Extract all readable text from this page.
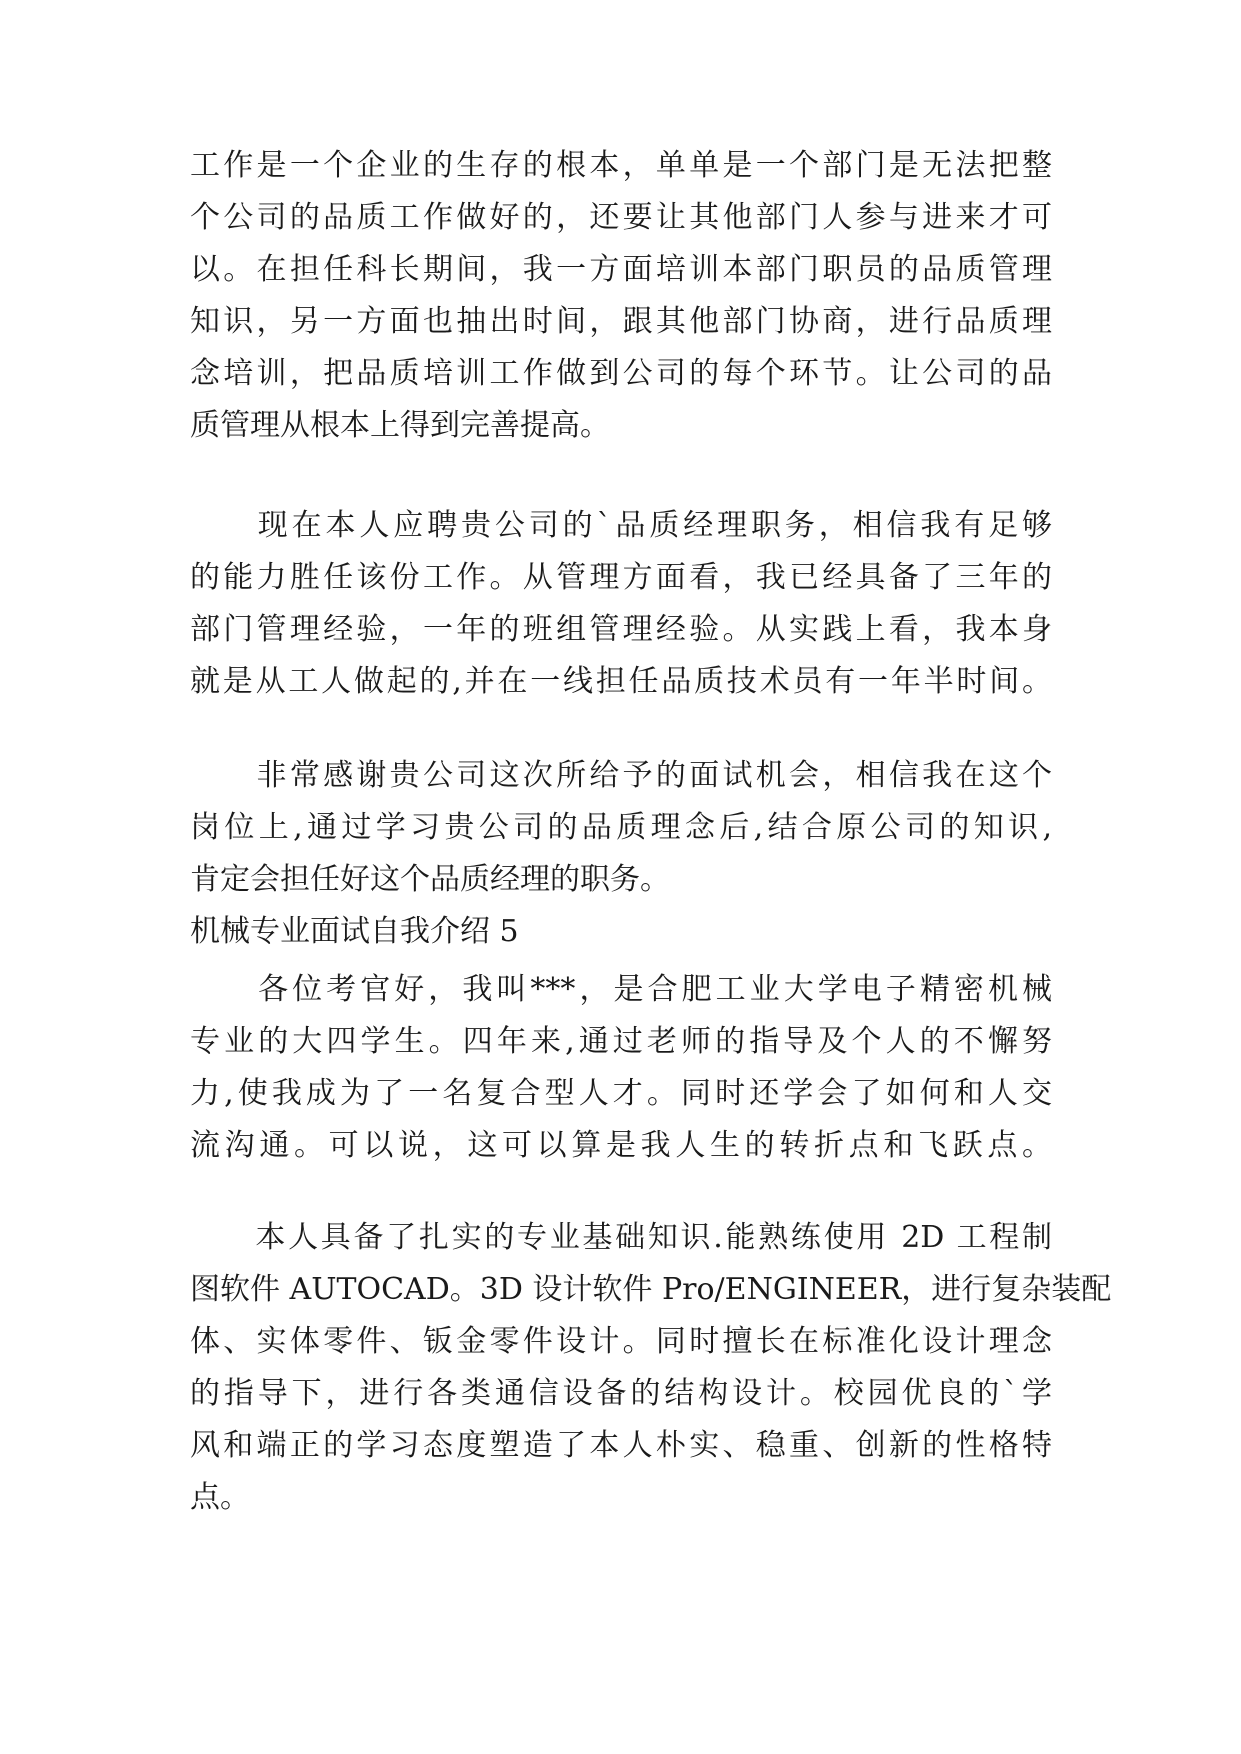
工作是一个企业的生存的根本，单单是一个部门是无法把整
个公司的品质工作做好的，还要让其他部门人参与进来才可
以。在担任科长期间，我一方面培训本部门职员的品质管理
知识，另一方面也抽出时间，跟其他部门协商，进行品质理
念培训，把品质培训工作做到公司的每个环节。让公司的品
质管理从根本上得到完善提高。
　　现在本人应聘贵公司的`品质经理职务，相信我有足够
的能力胜任该份工作。从管理方面看，我已经具备了三年的
部门管理经验，一年的班组管理经验。从实践上看，我本身
就是从工人做起的,并在一线担任品质技术员有一年半时间。
　　非常感谢贵公司这次所给予的面试机会，相信我在这个
岗位上,通过学习贵公司的品质理念后,结合原公司的知识,
肯定会担任好这个品质经理的职务。
机械专业面试自我介绍 5
　　各位考官好，我叫***，是合肥工业大学电子精密机械
专业的大四学生。四年来,通过老师的指导及个人的不懈努
力,使我成为了一名复合型人才。同时还学会了如何和人交
流沟通。可以说，这可以算是我人生的转折点和飞跃点。
　　本人具备了扎实的专业基础知识.能熟练使用 2D 工程制
图软件 AUTOCAD。3D 设计软件 Pro/ENGINEER，进行复杂装配
体、实体零件、钣金零件设计。同时擅长在标准化设计理念
的指导下，进行各类通信设备的结构设计。校园优良的`学
风和端正的学习态度塑造了本人朴实、稳重、创新的性格特
点。
